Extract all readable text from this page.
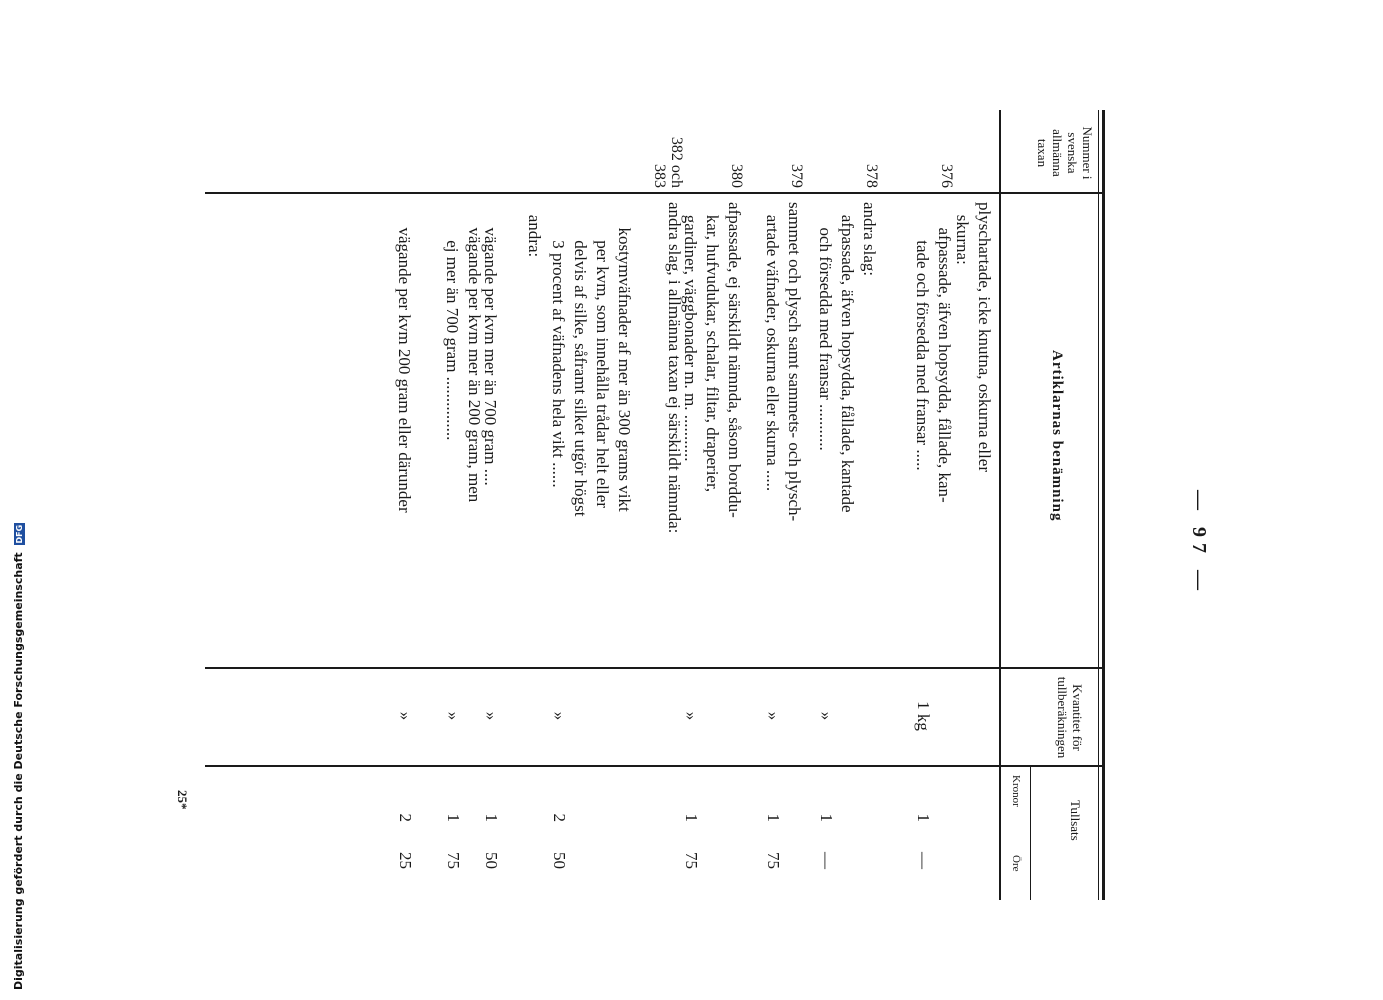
— 97 —
Nummer i svenska allmänna taxan
Artiklarnas benämning
Kvantitet för tullberäkningen
Tullsats
Kronor
Öre
plyschartade, icke knutna, oskurna eller
skurna:
376
afpassade, äfven hopsydda, fållade, kan-
tade och försedda med fransar .....
1 kg
1
—
378
andra slag:
afpassade, äfven hopsydda, fållade, kantade
och försedda med fransar ...........
»
1
—
379
sammet och plysch samt sammets- och plysch-
artade väfnader, oskurna eller skurna .....
»
1
75
380
afpassade, ej särskildt nämnda, såsom borddu-
kar, hufvudukar, schalar, filtar, draperier,
gardiner, väggbonader m. m. ...........
»
1
75
382 och 383
andra slag, i allmänna taxan ej särskildt nämnda:
kostymväfnader af mer än 300 grams vikt
per kvm, som innehålla trådar helt eller
delvis af silke, såframt silket utgör högst
3 procent af väfnadens hela vikt ......
»
2
50
andra:
vägande per kvm mer än 700 gram ....
»
1
50
vägande per kvm mer än 200 gram, men
ej mer än 700 gram ...............
»
1
75
vägande per kvm 200 gram eller därunder
»
2
25
25*
Digitalisierung gefördert durch die Deutsche Forschungsgemeinschaft DFG
